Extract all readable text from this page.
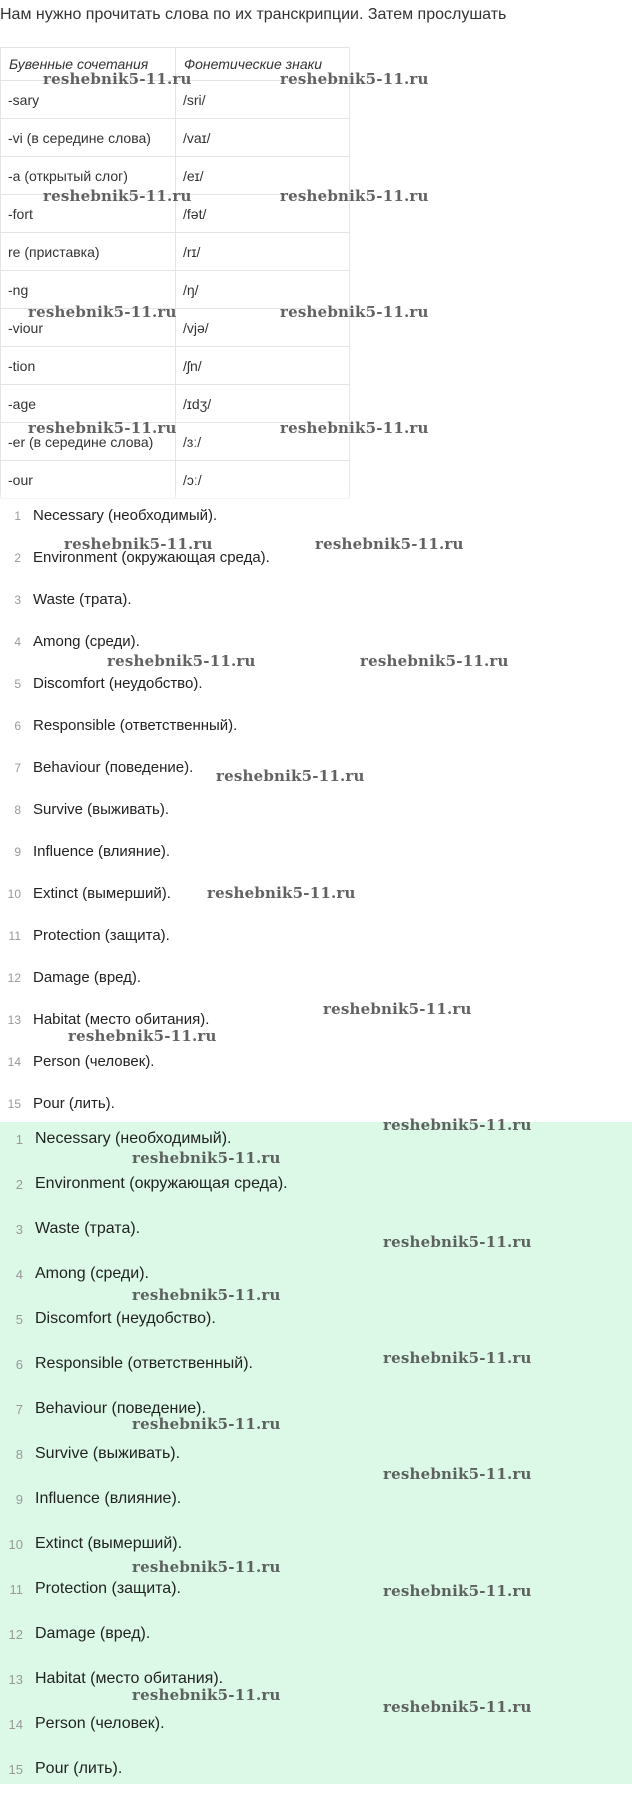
Нам нужно прочитать слова по их транскрипции. Затем прослушать
Бувенные сочетания	Фонетические знаки
-sary	/srі/
-vi (в середине слова)	/vaɪ/
-a (открытый слог)	/eɪ/
-fort	/fət/
re (приставка)	/rɪ/
-ng	/ŋ/
-viour	/vjə/
-tion	/ʃn/
-age	/ɪdʒ/
-er (в середине слова)	/ɜː/
-our	/ɔː/
1 Necessary (необходимый).
2 Environment (окружающая среда).
3 Waste (трата).
4 Among (среди).
5 Discomfort (неудобство).
6 Responsible (ответственный).
7 Behaviour (поведение).
8 Survive (выживать).
9 Influence (влияние).
10 Extinct (вымерший).
11 Protection (защита).
12 Damage (вред).
13 Habitat (место обитания).
14 Person (человек).
15 Pour (лить).
1 Necessary (необходимый).
2 Environment (окружающая среда).
3 Waste (трата).
4 Among (среди).
5 Discomfort (неудобство).
6 Responsible (ответственный).
7 Behaviour (поведение).
8 Survive (выживать).
9 Influence (влияние).
10 Extinct (вымерший).
11 Protection (защита).
12 Damage (вред).
13 Habitat (место обитания).
14 Person (человек).
15 Pour (лить).
reshebnik5-11.ru	reshebnik5-11.ru
reshebnik5-11.ru	reshebnik5-11.ru
reshebnik5-11.ru	reshebnik5-11.ru
reshebnik5-11.ru	reshebnik5-11.ru
reshebnik5-11.ru	reshebnik5-11.ru
reshebnik5-11.ru	reshebnik5-11.ru
reshebnik5-11.ru
reshebnik5-11.ru
reshebnik5-11.ru
reshebnik5-11.ru
reshebnik5-11.ru
reshebnik5-11.ru
reshebnik5-11.ru
reshebnik5-11.ru
reshebnik5-11.ru
reshebnik5-11.ru
reshebnik5-11.ru
reshebnik5-11.ru
reshebnik5-11.ru
reshebnik5-11.ru
reshebnik5-11.ru
